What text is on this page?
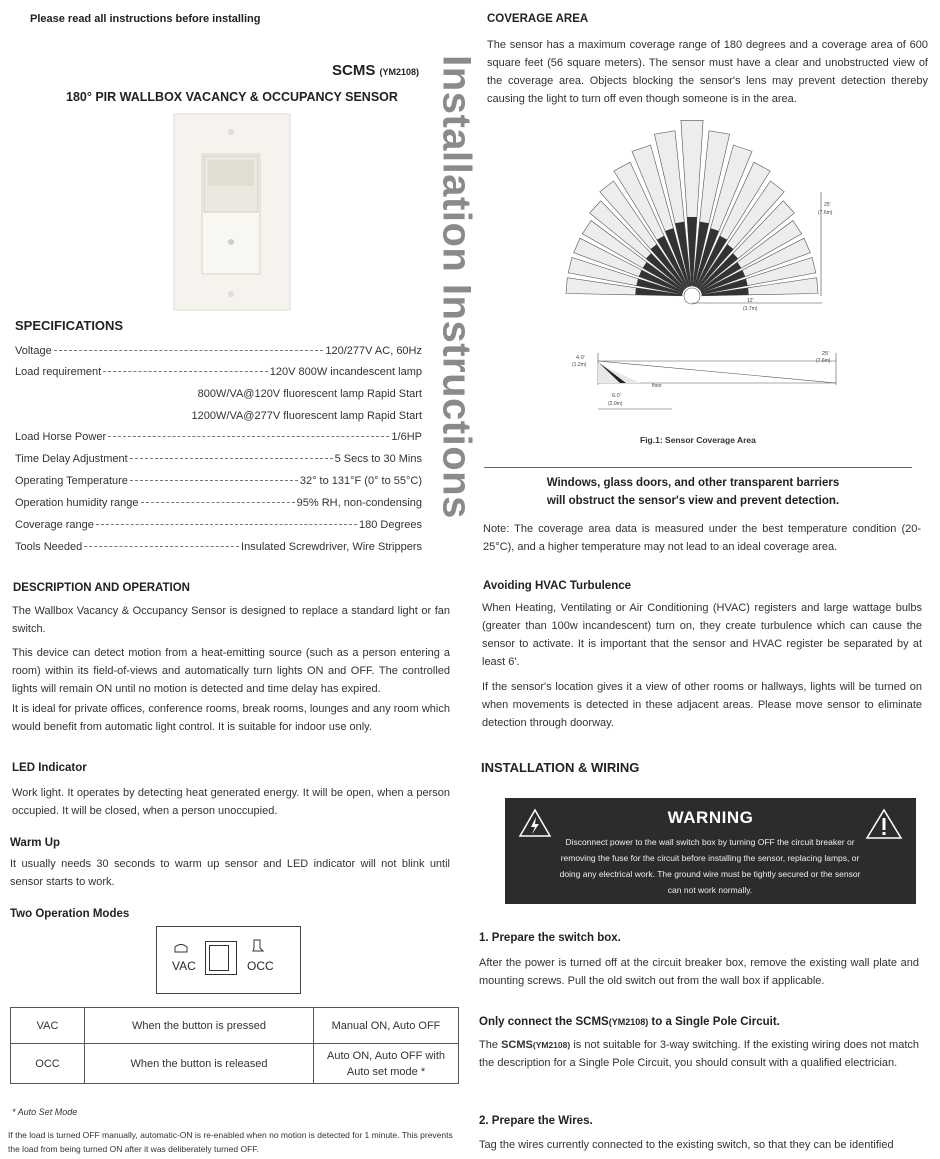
Please read all instructions before installing
SCMS (YM2108)
180° PIR WALLBOX VACANCY & OCCUPANCY SENSOR
SPECIFICATIONS
Voltage	120/277V AC, 60Hz
Load requirement	120V 800W incandescent lamp
800W/VA@120V fluorescent lamp Rapid Start
1200W/VA@277V fluorescent lamp Rapid Start
Load Horse Power	1/6HP
Time Delay Adjustment	5 Secs to 30 Mins
Operating Temperature	32° to 131°F (0° to 55°C)
Operation humidity range	95% RH, non-condensing
Coverage range	180 Degrees
Tools Needed	Insulated Screwdriver, Wire Strippers
DESCRIPTION AND OPERATION

The Wallbox Vacancy & Occupancy Sensor is designed to replace a standard light or fan switch.

This device can detect motion from a heat-emitting source (such as a person entering a room) within its field-of-views and automatically turn lights ON and OFF. The controlled lights will remain ON until no motion is detected and time delay has expired.

It is ideal for private offices, conference rooms, break rooms, lounges and any room which would benefit from automatic light control. It is suitable for indoor use only.

LED Indicator

Work light. It operates by detecting heat generated energy. It will be open, when a person occupied. It will be closed, when a person unoccupied.

Warm Up

It usually needs 30 seconds to warm up sensor and LED indicator will not blink until sensor starts to work.

Two Operation Modes
VAC	OCC
VAC	When the button is pressed	Manual ON, Auto OFF
OCC	When the button is released	Auto ON, Auto OFF with Auto set mode *
* Auto Set Mode

If the load is turned OFF manually, automatic-ON is re-enabled when no motion is detected for 1 minute. This prevents the load from being turned ON after it was deliberately turned OFF.

Installation Instructions
COVERAGE AREA

The sensor has a maximum coverage range of 180 degrees and a coverage area of 600 square feet (56 square meters). The sensor must have a clear and unobstructed view of the coverage area. Objects blocking the sensor's lens may prevent detection thereby causing the light to turn off even though someone is in the area.

25'
(7.6m)
12'
(3.7m)
4.0'
(1.2m)
25'
(7.6m)
floor
6.0'
(2.0m)
Fig.1: Sensor Coverage Area
Windows, glass doors, and other transparent barriers
will obstruct the sensor's view and prevent detection.

Note: The coverage area data is measured under the best temperature condition (20-25°C), and a higher temperature may not lead to an ideal coverage area.

Avoiding HVAC Turbulence

When Heating, Ventilating or Air Conditioning (HVAC) registers and large wattage bulbs (greater than 100w incandescent) turn on, they create turbulence which can cause the sensor to activate. It is important that the sensor and HVAC register be separated by at least 6'.

If the sensor's location gives it a view of other rooms or hallways, lights will be turned on when movements is detected in these adjacent areas. Please move sensor to eliminate detection through doorway.

INSTALLATION & WIRING
WARNING

Disconnect power to the wall switch box by turning OFF the circuit breaker or removing the fuse for the circuit before installing the sensor, replacing lamps, or doing any electrical work. The ground wire must be tightly secured or the sensor can not work normally.

1. Prepare the switch box.

After the power is turned off at the circuit breaker box, remove the existing wall plate and mounting screws. Pull the old switch out from the wall box if applicable.

Only connect the SCMS(YM2108) to a Single Pole Circuit.

The SCMS(YM2108) is not suitable for 3-way switching. If the existing wiring does not match the description for a Single Pole Circuit, you should consult with a qualified electrician.

2. Prepare the Wires.

Tag the wires currently connected to the existing switch, so that they can be identified
